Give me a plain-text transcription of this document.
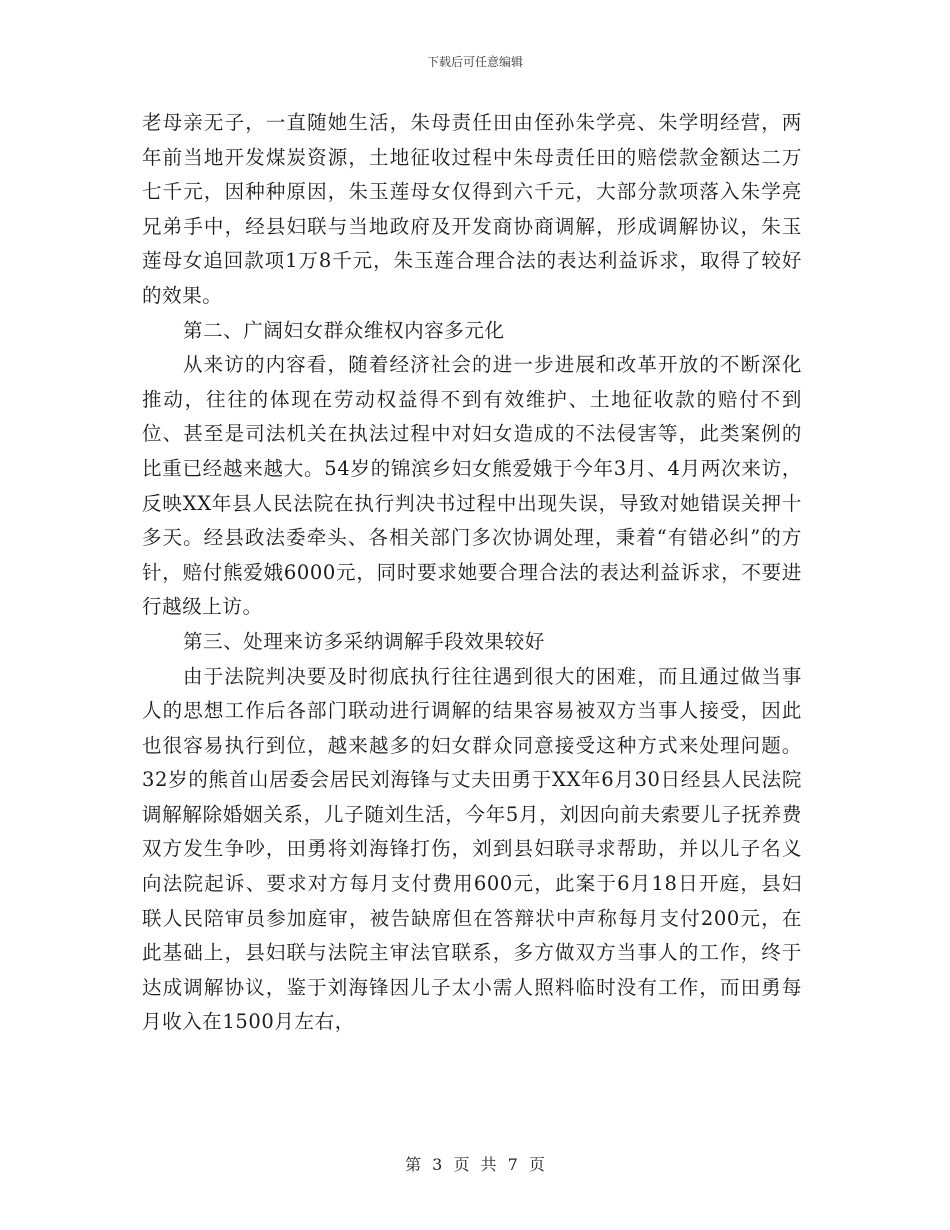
下载后可任意编辑

老母亲无子，一直随她生活，朱母责任田由侄孙朱学亮、朱学明经营，两年前当地开发煤炭资源，土地征收过程中朱母责任田的赔偿款金额达二万七千元，因种种原因，朱玉莲母女仅得到六千元，大部分款项落入朱学亮兄弟手中，经县妇联与当地政府及开发商协商调解，形成调解协议，朱玉莲母女追回款项1万8千元，朱玉莲合理合法的表达利益诉求，取得了较好的效果。

第二、广阔妇女群众维权内容多元化

从来访的内容看，随着经济社会的进一步进展和改革开放的不断深化推动，往往的体现在劳动权益得不到有效维护、土地征收款的赔付不到位、甚至是司法机关在执法过程中对妇女造成的不法侵害等，此类案例的比重已经越来越大。54岁的锦滨乡妇女熊爱娥于今年3月、4月两次来访，反映XX年县人民法院在执行判决书过程中出现失误，导致对她错误关押十多天。经县政法委牵头、各相关部门多次协调处理，秉着“有错必纠”的方针，赔付熊爱娥6000元，同时要求她要合理合法的表达利益诉求，不要进行越级上访。

第三、处理来访多采纳调解手段效果较好

由于法院判决要及时彻底执行往往遇到很大的困难，而且通过做当事人的思想工作后各部门联动进行调解的结果容易被双方当事人接受，因此也很容易执行到位，越来越多的妇女群众同意接受这种方式来处理问题。32岁的熊首山居委会居民刘海锋与丈夫田勇于XX年6月30日经县人民法院调解解除婚姻关系，儿子随刘生活，今年5月，刘因向前夫索要儿子抚养费双方发生争吵，田勇将刘海锋打伤，刘到县妇联寻求帮助，并以儿子名义向法院起诉、要求对方每月支付费用600元，此案于6月18日开庭，县妇联人民陪审员参加庭审，被告缺席但在答辩状中声称每月支付200元，在此基础上，县妇联与法院主审法官联系，多方做双方当事人的工作，终于达成调解协议，鉴于刘海锋因儿子太小需人照料临时没有工作，而田勇每月收入在1500月左右，

第 3 页 共 7 页
